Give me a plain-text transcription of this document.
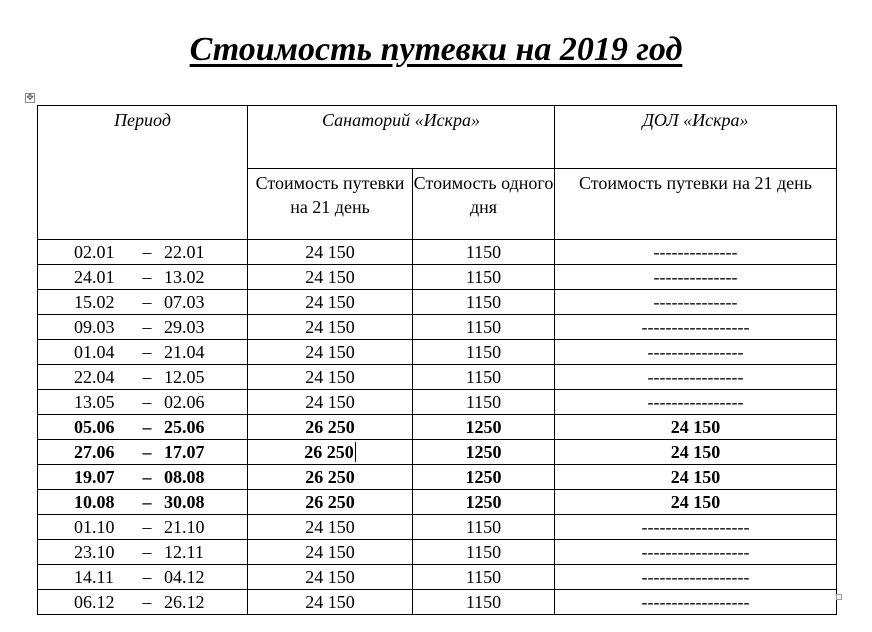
Стоимость путевки на 2019 год
✥
Период	Санаторий «Искра»		ДОЛ «Искра»
	Стоимость путевки на 21 день	Стоимость одного дня	Стоимость путевки на 21 день
02.01 – 22.01	24 150	1150	--------------
24.01 – 13.02	24 150	1150	--------------
15.02 – 07.03	24 150	1150	--------------
09.03 – 29.03	24 150	1150	------------------
01.04 – 21.04	24 150	1150	----------------
22.04 – 12.05	24 150	1150	----------------
13.05 – 02.06	24 150	1150	----------------
05.06 – 25.06	26 250	1250	24 150
27.06 – 17.07	26 250	1250	24 150
19.07 – 08.08	26 250	1250	24 150
10.08 – 30.08	26 250	1250	24 150
01.10 – 21.10	24 150	1150	------------------
23.10 – 12.11	24 150	1150	------------------
14.11 – 04.12	24 150	1150	------------------
06.12 – 26.12	24 150	1150	------------------
